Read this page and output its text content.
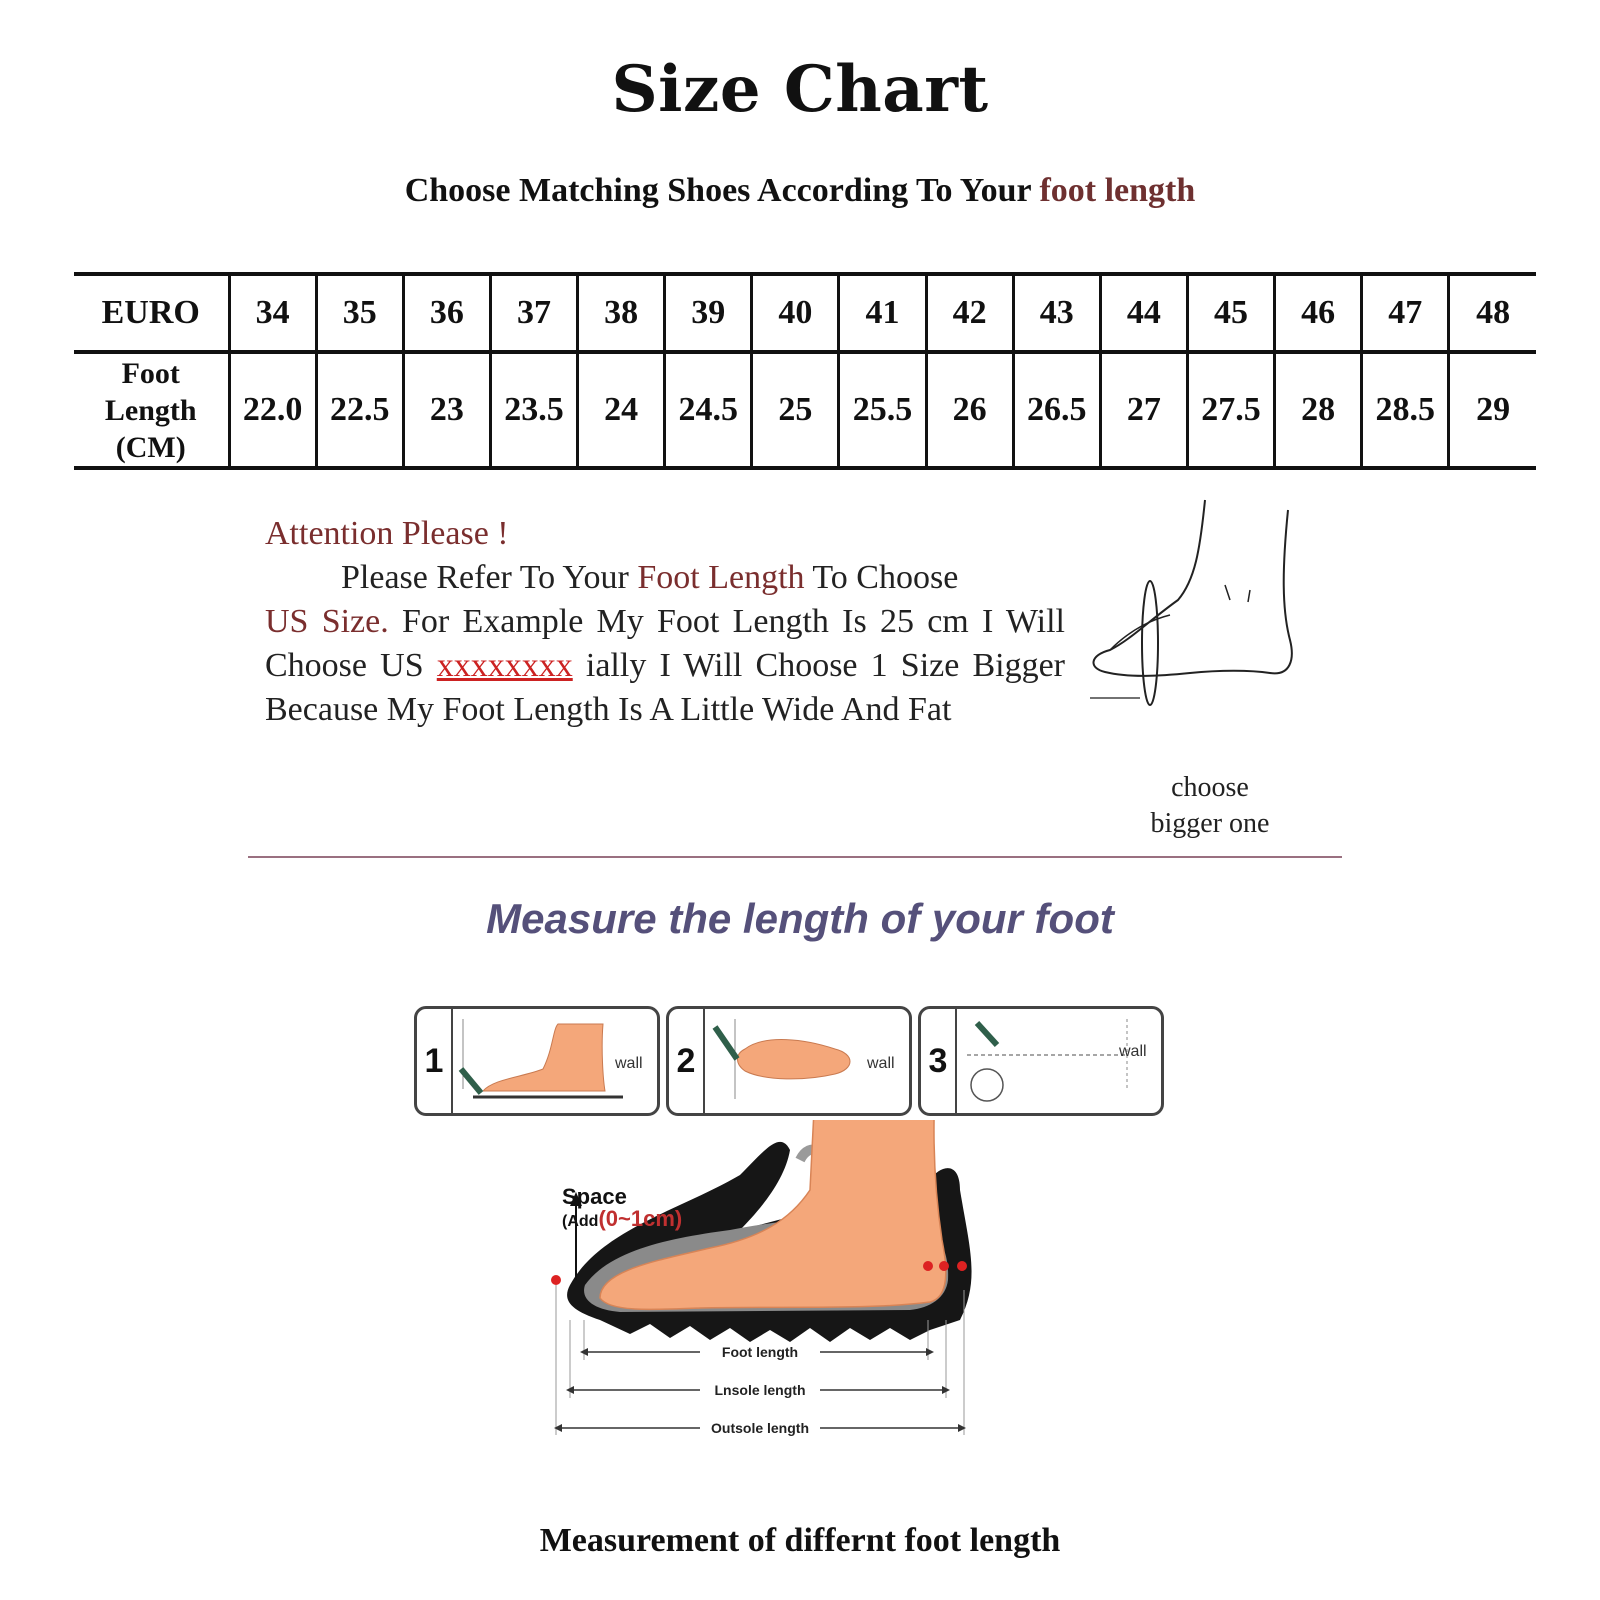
Size Chart
Choose Matching Shoes According To Your foot length
EURO	34	35	36	37	38	39	40	41	42	43	44	45	46	47	48

Foot
Length
(CM)	22.0	22.5	23	23.5	24	24.5	25	25.5	26	26.5	27	27.5	28	28.5	29

Attention Please !

Please Refer To Your Foot Length To Choose

US Size. For Example My Foot Length Is 25 cm I Will Choose US xxxxxxxx ially I Will Choose 1 Size Bigger Because My Foot Length Is A Little Wide And Fat

choose
bigger one
Measure the length of your foot
1	wall 2	wall 3	wall
Foot length
Lnsole length
Outsole length
Space
(Add(0~1cm)
Measurement of differnt foot length
